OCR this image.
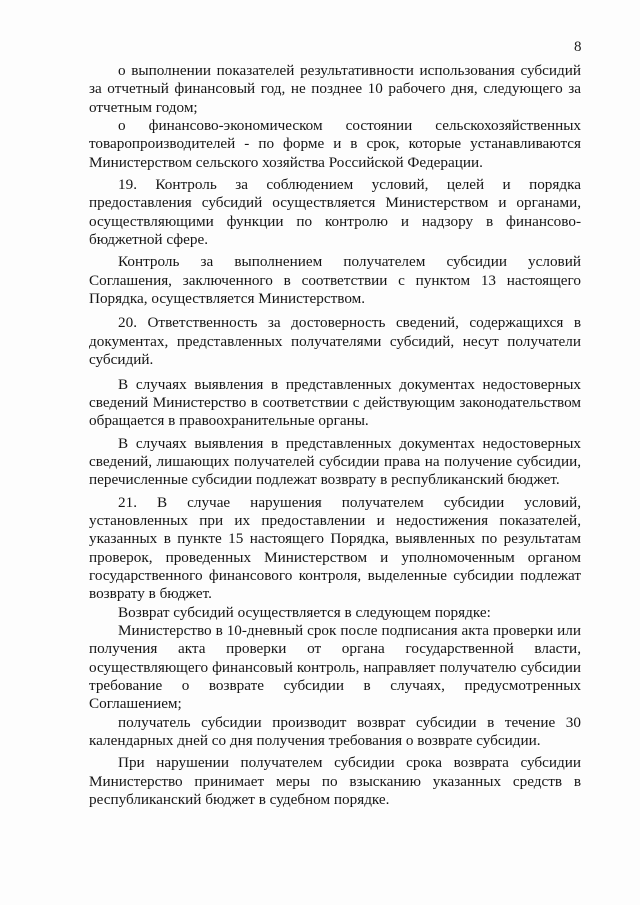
8

о выполнении показателей результативности использования субсидий за отчетный финансовый год, не позднее 10 рабочего дня, следующего за отчетным годом;

о финансово-экономическом состоянии сельскохозяйственных товаропроизводителей - по форме и в срок, которые устанавливаются Министерством сельского хозяйства Российской Федерации.

19. Контроль за соблюдением условий, целей и порядка предоставления субсидий осуществляется Министерством и органами, осуществляющими функции по контролю и надзору в финансово-бюджетной сфере.

Контроль за выполнением получателем субсидии условий Соглашения, заключенного в соответствии с пунктом 13 настоящего Порядка, осуществляется Министерством.

20. Ответственность за достоверность сведений, содержащихся в документах, представленных получателями субсидий, несут получатели субсидий.

В случаях выявления в представленных документах недостоверных сведений Министерство в соответствии с действующим законодательством обращается в правоохранительные органы.

В случаях выявления в представленных документах недостоверных сведений, лишающих получателей субсидии права на получение субсидии, перечисленные субсидии подлежат возврату в республиканский бюджет.

21. В случае нарушения получателем субсидии условий, установленных при их предоставлении и недостижения показателей, указанных в пункте 15 настоящего Порядка, выявленных по результатам проверок, проведенных Министерством и уполномоченным органом государственного финансового контроля, выделенные субсидии подлежат возврату в бюджет.

Возврат субсидий осуществляется в следующем порядке:

Министерство в 10-дневный срок после подписания акта проверки или получения акта проверки от органа государственной власти, осуществляющего финансовый контроль, направляет получателю субсидии требование о возврате субсидии в случаях, предусмотренных Соглашением;

получатель субсидии производит возврат субсидии в течение 30 календарных дней со дня получения требования о возврате субсидии.

При нарушении получателем субсидии срока возврата субсидии Министерство принимает меры по взысканию указанных средств в республиканский бюджет в судебном порядке.
